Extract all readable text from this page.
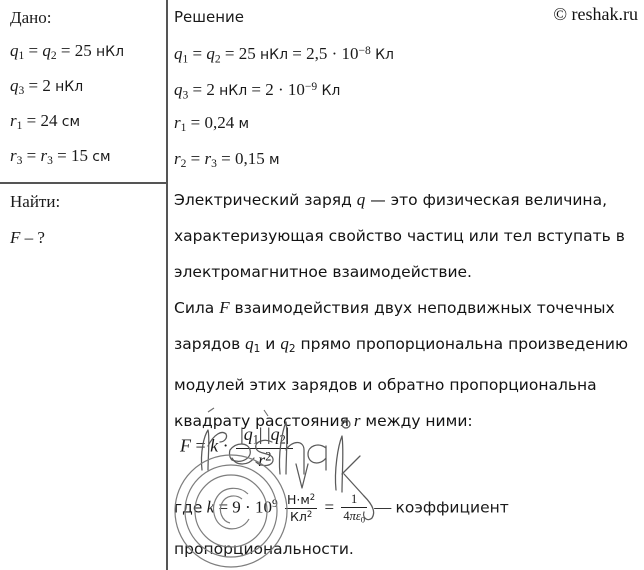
© reshak.ru
Дано:
$q_1 = q_2 = 25$ нКл
$q_3 = 2$ нКл
$r_1 = 24$ см
$r_3 = r_3 = 15$ см
Найти:
F – ?
Решение
$q_1 = q_2 = 25$ нКл = $2,5 \cdot 10^{-8}$ Кл
$q_3 = 2$ нКл = $2 \cdot 10^{-9}$ Кл
$r_1 = 0,24$ м
$r_2 = r_3 = 0,15$ м
Электрический заряд q — это физическая величина, характеризующая свойство частиц или тел вступать в электромагнитное взаимодействие.
Сила F взаимодействия двух неподвижных точечных зарядов $q_1$ и $q_2$ прямо пропорциональна произведению модулей этих зарядов и обратно пропорциональна квадрату расстояния r между ними:
$F = k \cdot \frac{|q_1| |q_2|}{r^2}$
где $k = 9 \cdot 10^9 \frac{Н\cdot м^2}{Кл^2} = \frac{1}{4\pi\varepsilon_0}$ — коэффициент
пропорциональности.
